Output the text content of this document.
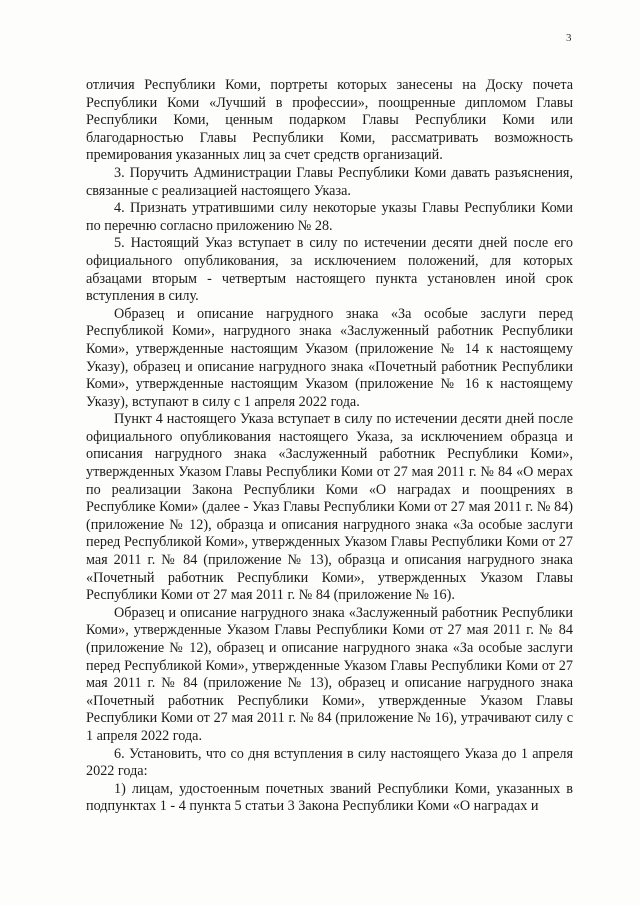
3

отличия Республики Коми, портреты которых занесены на Доску почета Республики Коми «Лучший в профессии», поощренные дипломом Главы Республики Коми, ценным подарком Главы Республики Коми или благодарностью Главы Республики Коми, рассматривать возможность премирования указанных лиц за счет средств организаций.

3. Поручить Администрации Главы Республики Коми давать разъяснения, связанные с реализацией настоящего Указа.

4. Признать утратившими силу некоторые указы Главы Республики Коми по перечню согласно приложению № 28.

5. Настоящий Указ вступает в силу по истечении десяти дней после его официального опубликования, за исключением положений, для которых абзацами вторым - четвертым настоящего пункта установлен иной срок вступления в силу.

Образец и описание нагрудного знака «За особые заслуги перед Республикой Коми», нагрудного знака «Заслуженный работник Республики Коми», утвержденные настоящим Указом (приложение № 14 к настоящему Указу), образец и описание нагрудного знака «Почетный работник Республики Коми», утвержденные настоящим Указом (приложение № 16 к настоящему Указу), вступают в силу с 1 апреля 2022 года.

Пункт 4 настоящего Указа вступает в силу по истечении десяти дней после официального опубликования настоящего Указа, за исключением образца и описания нагрудного знака «Заслуженный работник Республики Коми», утвержденных Указом Главы Республики Коми от 27 мая 2011 г. № 84 «О мерах по реализации Закона Республики Коми «О наградах и поощрениях в Республике Коми» (далее - Указ Главы Республики Коми от 27 мая 2011 г. № 84) (приложение № 12), образца и описания нагрудного знака «За особые заслуги перед Республикой Коми», утвержденных Указом Главы Республики Коми от 27 мая 2011 г. № 84 (приложение № 13), образца и описания нагрудного знака «Почетный работник Республики Коми», утвержденных Указом Главы Республики Коми от 27 мая 2011 г. № 84 (приложение № 16).

Образец и описание нагрудного знака «Заслуженный работник Республики Коми», утвержденные Указом Главы Республики Коми от 27 мая 2011 г. № 84 (приложение № 12), образец и описание нагрудного знака «За особые заслуги перед Республикой Коми», утвержденные Указом Главы Республики Коми от 27 мая 2011 г. № 84 (приложение № 13), образец и описание нагрудного знака «Почетный работник Республики Коми», утвержденные Указом Главы Республики Коми от 27 мая 2011 г. № 84 (приложение № 16), утрачивают силу с 1 апреля 2022 года.

6. Установить, что со дня вступления в силу настоящего Указа до 1 апреля 2022 года:

1) лицам, удостоенным почетных званий Республики Коми, указанных в подпунктах 1 - 4 пункта 5 статьи 3 Закона Республики Коми «О наградах и
